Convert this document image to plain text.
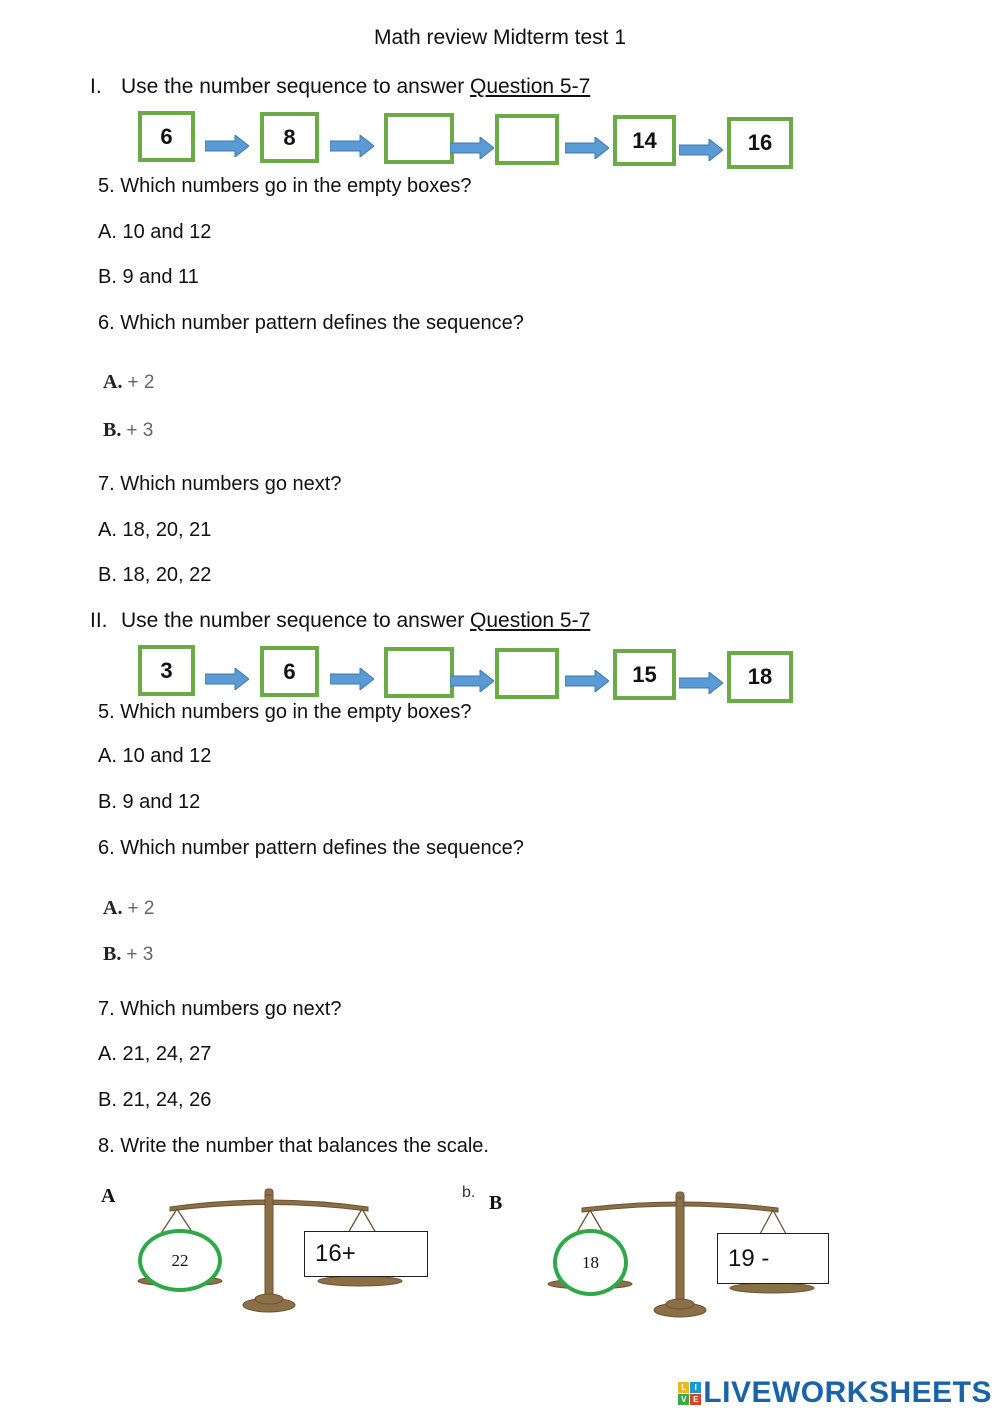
Math review Midterm test 1
I. Use the number sequence to answer Question 5-7
6	8	14	16
5. Which numbers go in the empty boxes?
A. 10 and 12
B. 9 and 11
6. Which number pattern defines the sequence?
A. + 2
B. + 3
7. Which numbers go next?
A. 18, 20, 21
B. 18, 20, 22
II. Use the number sequence to answer Question 5-7
3	6	15	18
5. Which numbers go in the empty boxes?
A. 10 and 12
B. 9 and 12
6. Which number pattern defines the sequence?
A. + 2
B. + 3
7. Which numbers go next?
A. 21, 24, 27
B. 21, 24, 26
8. Write the number that balances the scale.
A
22	16+
b. B
18	19 -
L	I
V E LIVEWORKSHEETS
